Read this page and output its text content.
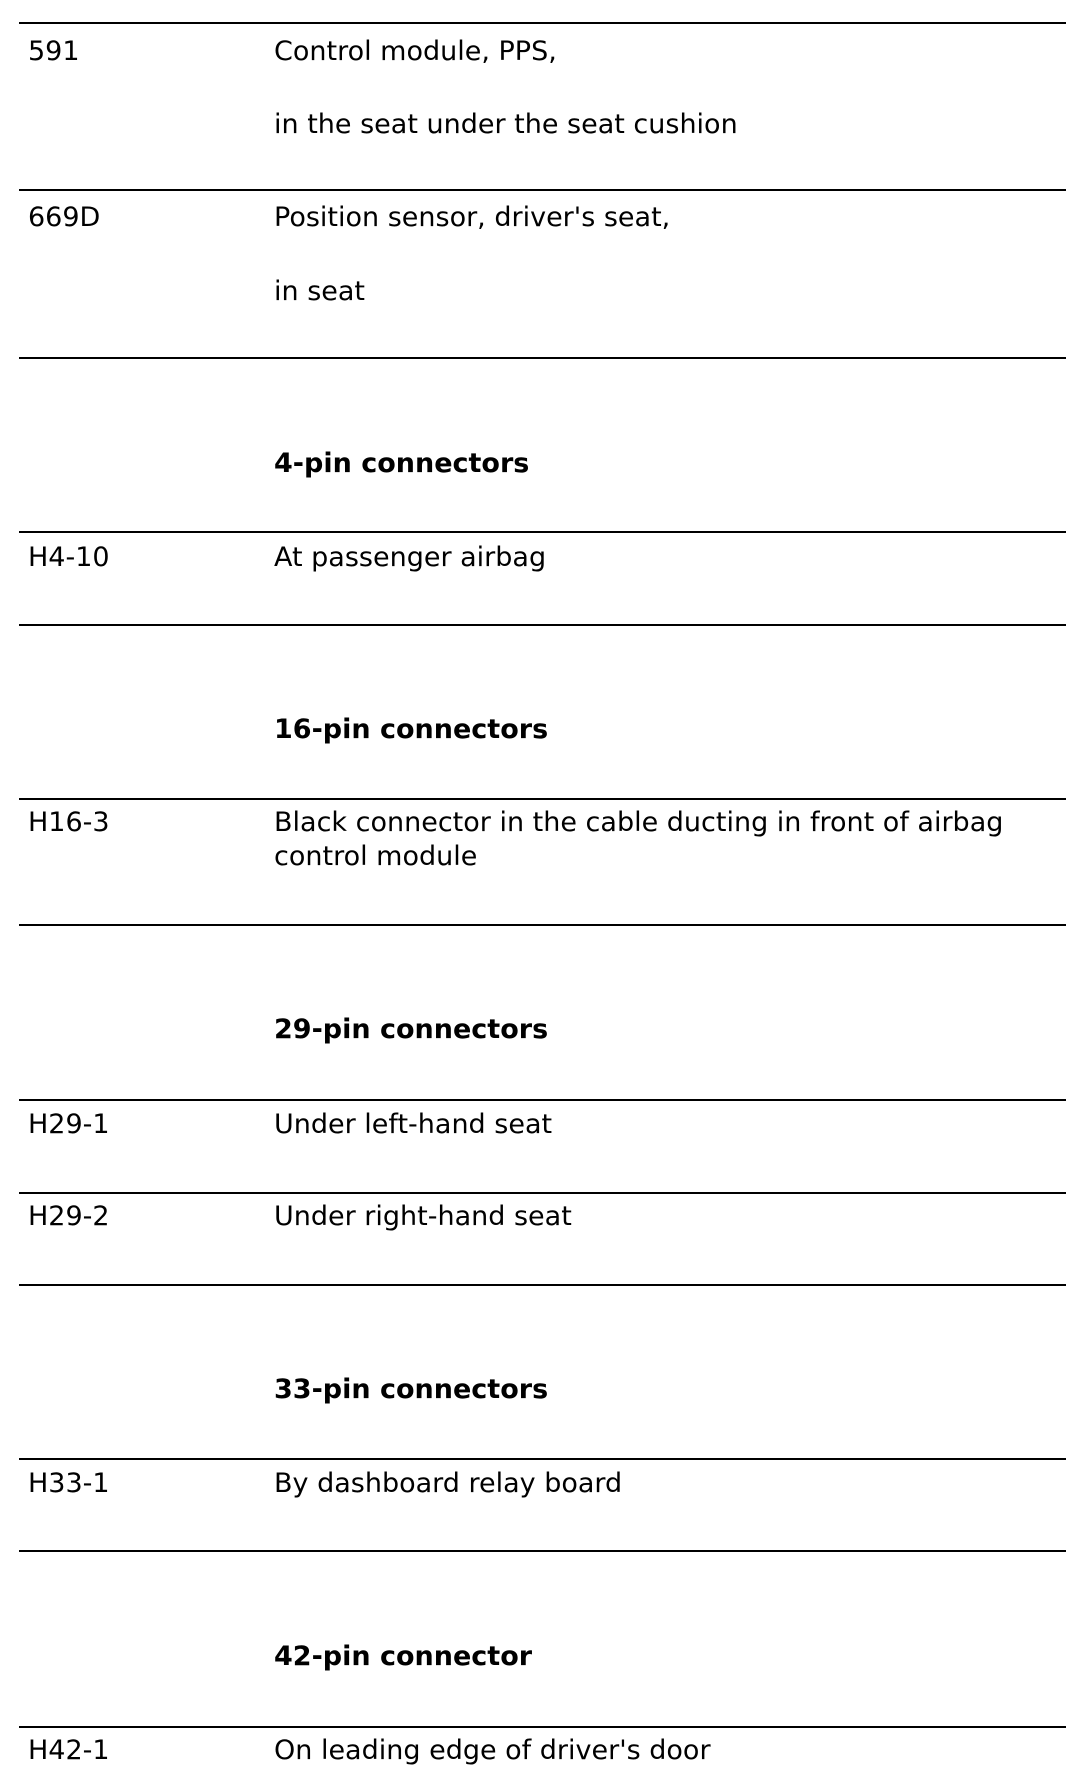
591	Control module, PPS,
in the seat under the seat cushion
669D	Position sensor, driver's seat,
in seat
4-pin connectors
H4-10	At passenger airbag
16-pin connectors
H16-3	Black connector in the cable ducting in front of airbag control module
29-pin connectors
H29-1	Under left-hand seat
H29-2	Under right-hand seat
33-pin connectors
H33-1	By dashboard relay board
42-pin connector
H42-1	On leading edge of driver's door
